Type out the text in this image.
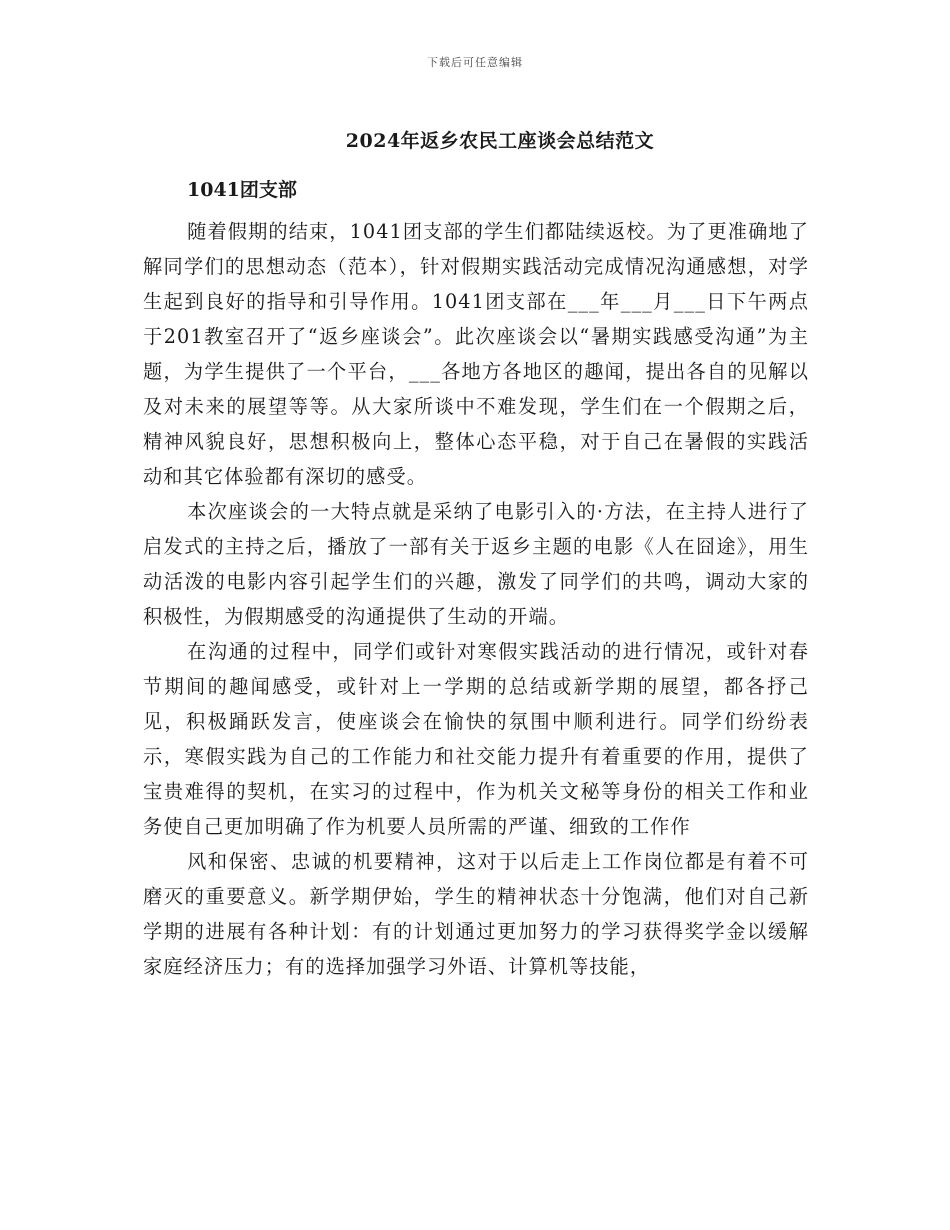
下载后可任意编辑
2024年返乡农民工座谈会总结范文
1041团支部

随着假期的结束，1041团支部的学生们都陆续返校。为了更准确地了解同学们的思想动态（范本），针对假期实践活动完成情况沟通感想，对学生起到良好的指导和引导作用。1041团支部在___年___月___日下午两点于201教室召开了“返乡座谈会”。此次座谈会以“暑期实践感受沟通”为主题，为学生提供了一个平台，___各地方各地区的趣闻，提出各自的见解以及对未来的展望等等。从大家所谈中不难发现，学生们在一个假期之后，精神风貌良好，思想积极向上，整体心态平稳，对于自己在暑假的实践活动和其它体验都有深切的感受。

本次座谈会的一大特点就是采纳了电影引入的·方法，在主持人进行了启发式的主持之后，播放了一部有关于返乡主题的电影《人在囧途》，用生动活泼的电影内容引起学生们的兴趣，激发了同学们的共鸣，调动大家的积极性，为假期感受的沟通提供了生动的开端。

在沟通的过程中，同学们或针对寒假实践活动的进行情况，或针对春节期间的趣闻感受，或针对上一学期的总结或新学期的展望，都各抒己见，积极踊跃发言，使座谈会在愉快的氛围中顺利进行。同学们纷纷表示，寒假实践为自己的工作能力和社交能力提升有着重要的作用，提供了宝贵难得的契机，在实习的过程中，作为机关文秘等身份的相关工作和业务使自己更加明确了作为机要人员所需的严谨、细致的工作作

风和保密、忠诚的机要精神，这对于以后走上工作岗位都是有着不可磨灭的重要意义。新学期伊始，学生的精神状态十分饱满，他们对自己新学期的进展有各种计划：有的计划通过更加努力的学习获得奖学金以缓解家庭经济压力；有的选择加强学习外语、计算机等技能，
